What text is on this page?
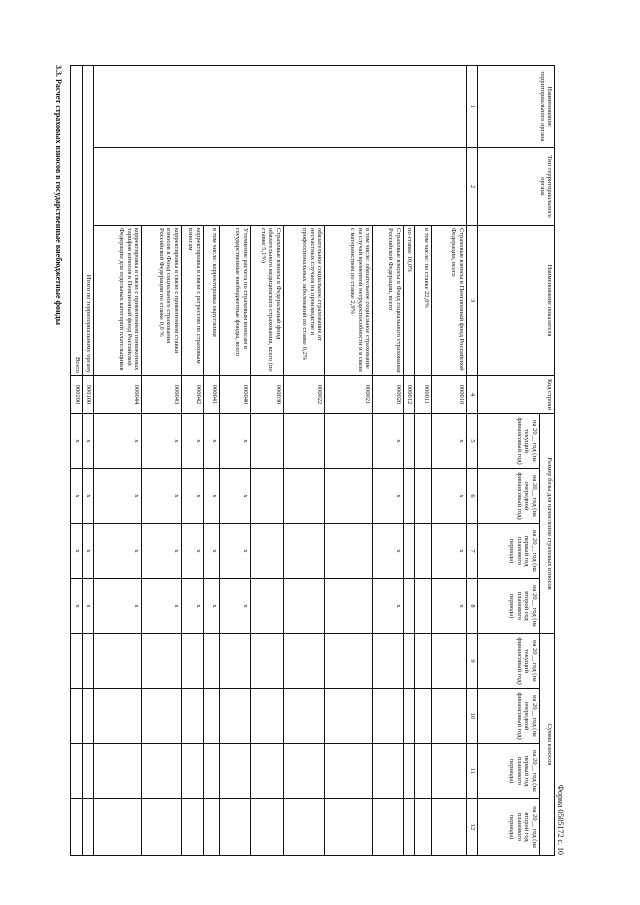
Форма 0505172 с. 10
Наименование территориального органа	Тип территориального органа	Наименование показателя	Код строки	Размер базы для начисления страховых взносов				Сумма взносов			
				на 20__ год (на текущий финансовый год)	на 20__ год (на очередной финансовый год)	на 20__ год (на первый год планового периода)	на 20__ год (на второй год планового периода)	на 20__ год (на текущий финансовый год)	на 20__ год (на очередной финансовый год)	на 20__ год (на первый год планового периода)	на 20__ год (на второй год планового периода)
1	2	3	4	5	6	7	8	9	10	11	12
		Страховые взносы в Пенсионный фонд Российской Федерации, всего	000010	x	x	x	x				
		в том числе: по ставке 22,0%	000011								
		по ставке 10,0%	000012								
		Страховые взносы в Фонд социального страхования Российской Федерации, всего	000020	x	x	x	x				
		в том числе: обязательное социальное страхование на случай временной нетрудоспособности и в связи с материнством по ставке 2,9%	000021								
		обязательное социальное страхование от несчастных случаев на производстве и профессиональных заболеваний по ставке 0,2%	000022								
		Страховые взносы в Федеральный фонд обязательного медицинского страхования, всего (по ставке 5,1%)	000030								
		Уточнение расчета по страховым взносам в государственные внебюджетные фонды, всего	000040	x	x	x	x				
		в том числе: корректировка округления	000041	x	x	x	x				
		корректировка в связи с регрессом по страховым взносам	000042	x	x	x	x				
		корректировка в связи с применением ставки взносов в Фонд социального страхования Российской Федерации по ставке 0,0 %	000043	x	x	x	x				
		корректировка в связи с применением пониженных тарифов взносов в Пенсионный фонд Российской Федерации для отдельных категорий плательщиков	000044	x	x	x	x				
Итого по территориальному органу			900100	x	x	x	x				
Всего			900200	x	x	x	x				
3.3. Расчет страховых взносов в государственные внебюджетные фонды
